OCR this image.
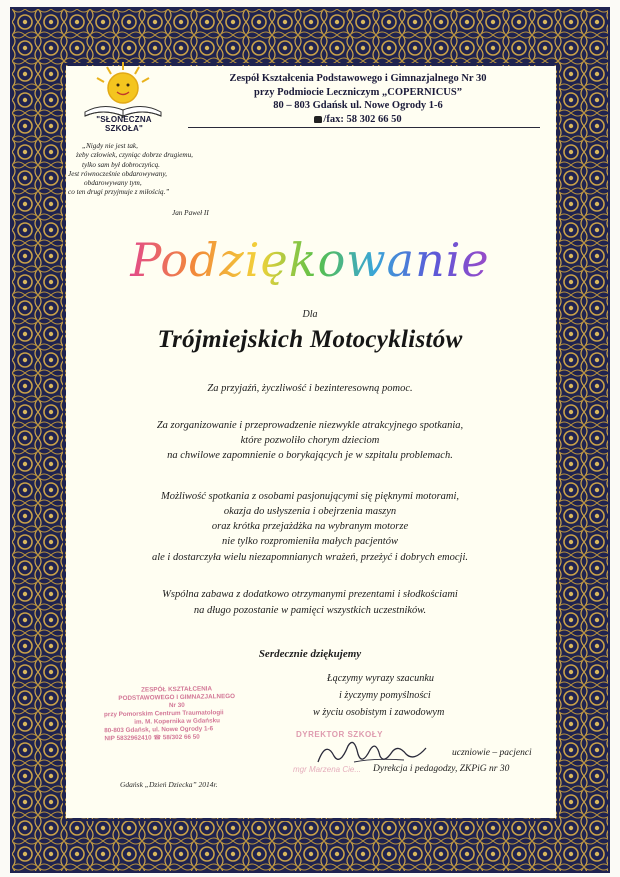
"SŁONECZNA SZKOŁA"
Zespół Kształcenia Podstawowego i Gimnazjalnego Nr 30
przy Podmiocie Leczniczym „COPERNICUS”
80 – 803 Gdańsk ul. Nowe Ogrody 1-6
/fax: 58 302 66 50
„Nigdy nie jest tak,
żeby człowiek, czyniąc dobrze drugiemu,
tylko sam był dobroczyńcą.
Jest równocześnie obdarowywany,
obdarowywany tym,
co ten drugi przyjmuje z miłością.”
Jan Paweł II
Podziękowanie
Dla
Trójmiejskich Motocyklistów
Za przyjaźń, życzliwość i bezinteresowną pomoc.
Za zorganizowanie i przeprowadzenie niezwykle atrakcyjnego spotkania,
które pozwoliło chorym dzieciom
na chwilowe zapomnienie o borykających je w szpitalu problemach.
Możliwość spotkania z osobami pasjonującymi się pięknymi motorami,
okazja do usłyszenia i obejrzenia maszyn
oraz krótka przejażdżka na wybranym motorze
nie tylko rozpromieniła małych pacjentów
ale i dostarczyła wielu niezapomnianych wrażeń, przeżyć i dobrych emocji.
Wspólna zabawa z dodatkowo otrzymanymi prezentami i słodkościami
na długo pozostanie w pamięci wszystkich uczestników.
Serdecznie dziękujemy
Łączymy wyrazy szacunku
i życzymy pomyślności
w życiu osobistym i zawodowym
ZESPÓŁ KSZTAŁCENIA
PODSTAWOWEGO I GIMNAZJALNEGO
Nr 30
przy Pomorskim Centrum Traumatologii
im. M. Kopernika w Gdańsku
80-803 Gdańsk, ul. Nowe Ogrody 1-6
NIP 5832962410 ☎ 58/302 66 50	DYREKTOR SZKOŁY
mgr Marzena Cie...
uczniowie – pacjenci
Dyrekcja i pedagodzy, ZKPiG nr 30
Gdańsk „Dzień Dziecka” 2014r.
